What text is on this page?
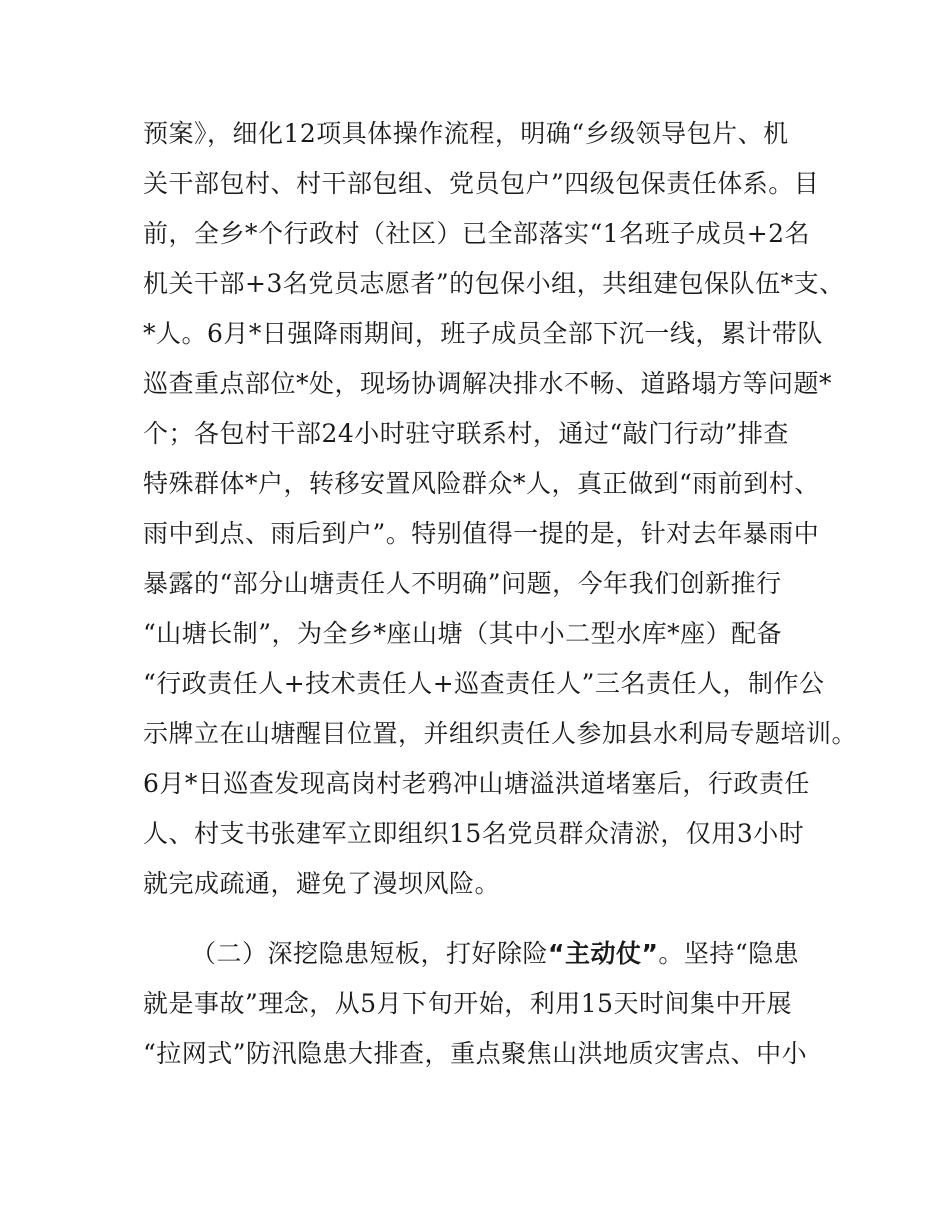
预案》，细化12项具体操作流程，明确“乡级领导包片、机
关干部包村、村干部包组、党员包户”四级包保责任体系。目
前，全乡*个行政村（社区）已全部落实“1名班子成员+2名
机关干部+3名党员志愿者”的包保小组，共组建包保队伍*支、
*人。6月*日强降雨期间，班子成员全部下沉一线，累计带队
巡查重点部位*处，现场协调解决排水不畅、道路塌方等问题*
个；各包村干部24小时驻守联系村，通过“敲门行动”排查
特殊群体*户，转移安置风险群众*人，真正做到“雨前到村、
雨中到点、雨后到户”。特别值得一提的是，针对去年暴雨中
暴露的“部分山塘责任人不明确”问题，今年我们创新推行
“山塘长制”，为全乡*座山塘（其中小二型水库*座）配备
“行政责任人+技术责任人+巡查责任人”三名责任人，制作公
示牌立在山塘醒目位置，并组织责任人参加县水利局专题培训。
6月*日巡查发现高岗村老鸦冲山塘溢洪道堵塞后，行政责任
人、村支书张建军立即组织15名党员群众清淤，仅用3小时
就完成疏通，避免了漫坝风险。
（二）深挖隐患短板，打好除险“主动仗”。坚持“隐患
就是事故”理念，从5月下旬开始，利用15天时间集中开展
“拉网式”防汛隐患大排查，重点聚焦山洪地质灾害点、中小
